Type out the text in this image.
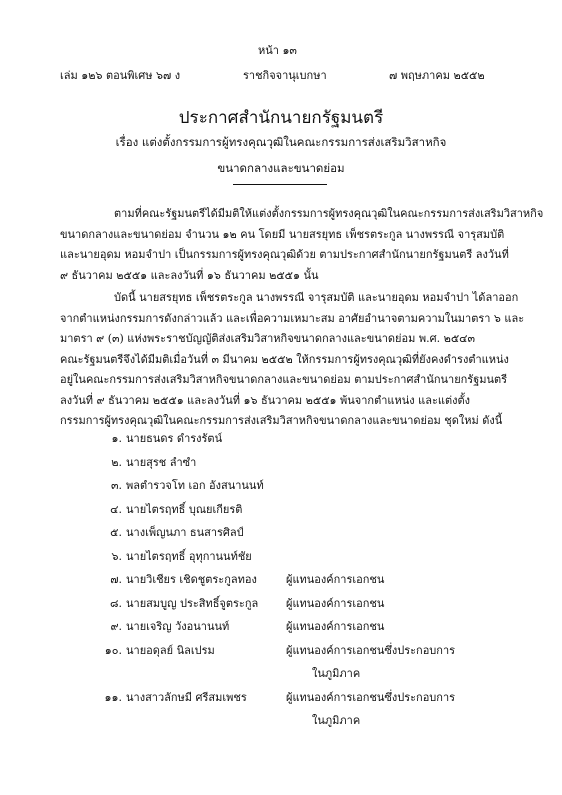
หน้า ๑๓
เล่ม ๑๒๖ ตอนพิเศษ ๖๗ ง	ราชกิจจานุเบกษา	๗ พฤษภาคม ๒๕๕๒
ประกาศสำนักนายกรัฐมนตรี
เรื่อง แต่งตั้งกรรมการผู้ทรงคุณวุฒิในคณะกรรมการส่งเสริมวิสาหกิจ
ขนาดกลางและขนาดย่อม
ตามที่คณะรัฐมนตรีได้มีมติให้แต่งตั้งกรรมการผู้ทรงคุณวุฒิในคณะกรรมการส่งเสริมวิสาหกิจ
ขนาดกลางและขนาดย่อม จำนวน ๑๒ คน โดยมี นายสรยุทธ เพ็ชรตระกูล นางพรรณี จารุสมบัติ
และนายอุดม หอมจำปา เป็นกรรมการผู้ทรงคุณวุฒิด้วย ตามประกาศสำนักนายกรัฐมนตรี ลงวันที่
๙ ธันวาคม ๒๕๕๑ และลงวันที่ ๑๖ ธันวาคม ๒๕๕๑ นั้น
บัดนี้ นายสรยุทธ เพ็ชรตระกูล นางพรรณี จารุสมบัติ และนายอุดม หอมจำปา ได้ลาออก
จากตำแหน่งกรรมการดังกล่าวแล้ว และเพื่อความเหมาะสม อาศัยอำนาจตามความในมาตรา ๖ และ
มาตรา ๙ (๓) แห่งพระราชบัญญัติส่งเสริมวิสาหกิจขนาดกลางและขนาดย่อม พ.ศ. ๒๕๔๓
คณะรัฐมนตรีจึงได้มีมติเมื่อวันที่ ๓ มีนาคม ๒๕๕๒ ให้กรรมการผู้ทรงคุณวุฒิที่ยังคงดำรงตำแหน่ง
อยู่ในคณะกรรมการส่งเสริมวิสาหกิจขนาดกลางและขนาดย่อม ตามประกาศสำนักนายกรัฐมนตรี
ลงวันที่ ๙ ธันวาคม ๒๕๕๑ และลงวันที่ ๑๖ ธันวาคม ๒๕๕๑ พ้นจากตำแหน่ง และแต่งตั้ง
กรรมการผู้ทรงคุณวุฒิในคณะกรรมการส่งเสริมวิสาหกิจขนาดกลางและขนาดย่อม ชุดใหม่ ดังนี้
๑. นายธนดร ดำรงรัตน์
๒. นายสุรช ลำซำ
๓. พลตำรวจโท เอก อังสนานนท์
๔. นายไตรฤทธิ์ บุณยเกียรติ
๕. นางเพ็ญนภา ธนสารศิลป์
๖. นายไตรฤทธิ์ อุทุกานนท์ชัย
๗. นายวิเชียร เชิดชูตระกูลทอง	ผู้แทนองค์การเอกชน
๘. นายสมบูญ ประสิทธิ์จูตระกูล	ผู้แทนองค์การเอกชน
๙. นายเจริญ วังอนานนท์	ผู้แทนองค์การเอกชน
๑๐. นายอดุลย์ นิลเปรม	ผู้แทนองค์การเอกชนซึ่งประกอบการ
ในภูมิภาค
๑๑. นางสาวลักษมี ศรีสมเพชร	ผู้แทนองค์การเอกชนซึ่งประกอบการ
ในภูมิภาค
